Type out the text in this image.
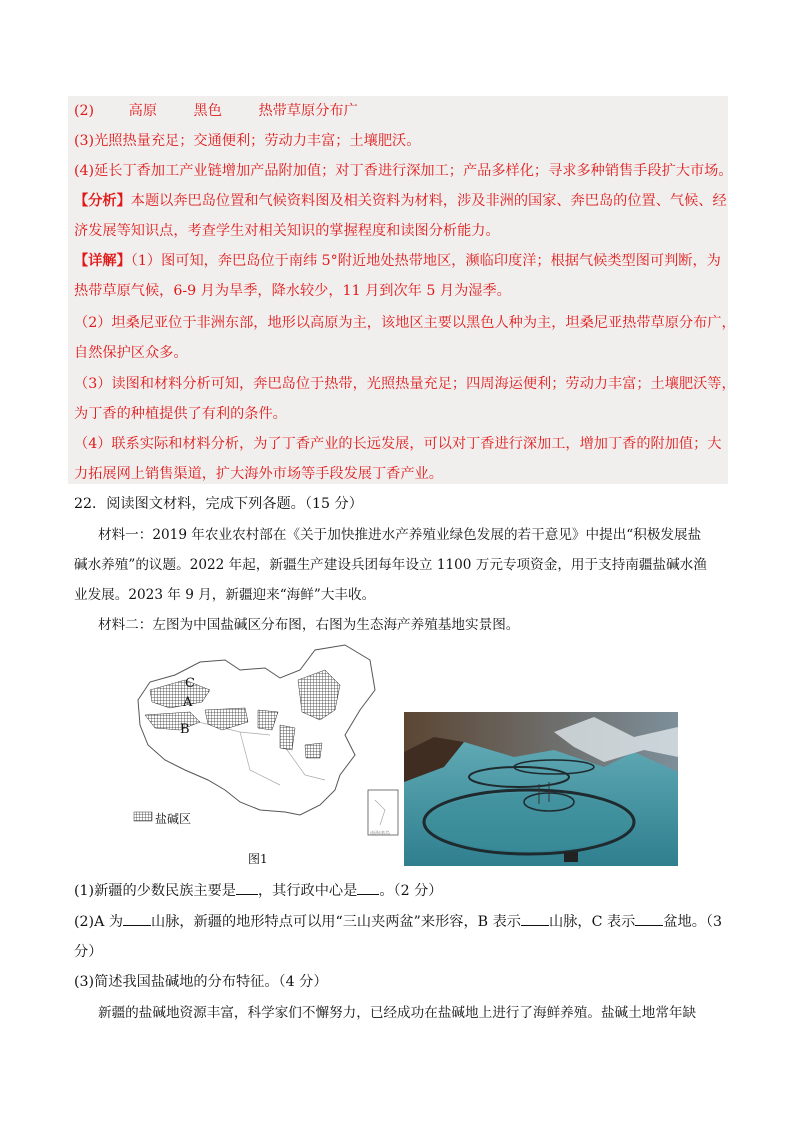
(2) 高原	黑色	热带草原分布广
(3)光照热量充足；交通便利；劳动力丰富；土壤肥沃。
(4)延长丁香加工产业链增加产品附加值；对丁香进行深加工；产品多样化；寻求多种销售手段扩大市场。
【分析】本题以奔巴岛位置和气候资料图及相关资料为材料，涉及非洲的国家、奔巴岛的位置、气候、经
济发展等知识点，考查学生对相关知识的掌握程度和读图分析能力。
【详解】（1）图可知，奔巴岛位于南纬 5°附近地处热带地区，濒临印度洋；根据气候类型图可判断，为
热带草原气候，6-9 月为旱季，降水较少，11 月到次年 5 月为湿季。
（2）坦桑尼亚位于非洲东部，地形以高原为主，该地区主要以黑色人种为主，坦桑尼亚热带草原分布广，
自然保护区众多。
（3）读图和材料分析可知，奔巴岛位于热带，光照热量充足；四周海运便利；劳动力丰富；土壤肥沃等，
为丁香的种植提供了有利的条件。
（4）联系实际和材料分析，为了丁香产业的长远发展，可以对丁香进行深加工，增加丁香的附加值；大
力拓展网上销售渠道，扩大海外市场等手段发展丁香产业。
22．阅读图文材料，完成下列各题。（15 分）
材料一：2019 年农业农村部在《关于加快推进水产养殖业绿色发展的若干意见》中提出“积极发展盐
碱水养殖”的议题。2022 年起，新疆生产建设兵团每年设立 1100 万元专项资金，用于支持南疆盐碱水渔
业发展。2023 年 9 月，新疆迎来“海鲜”大丰收。
材料二：左图为中国盐碱区分布图，右图为生态海产养殖基地实景图。
C
A
B
盐碱区
图1
南海诸岛
(1)新疆的少数民族主要是 ，其行政中心是 。（2 分）
(2)A 为 山脉，新疆的地形特点可以用“三山夹两盆”来形容，B 表示 山脉，C 表示 盆地。（3
分）
(3)简述我国盐碱地的分布特征。（4 分）
新疆的盐碱地资源丰富，科学家们不懈努力，已经成功在盐碱地上进行了海鲜养殖。盐碱土地常年缺
